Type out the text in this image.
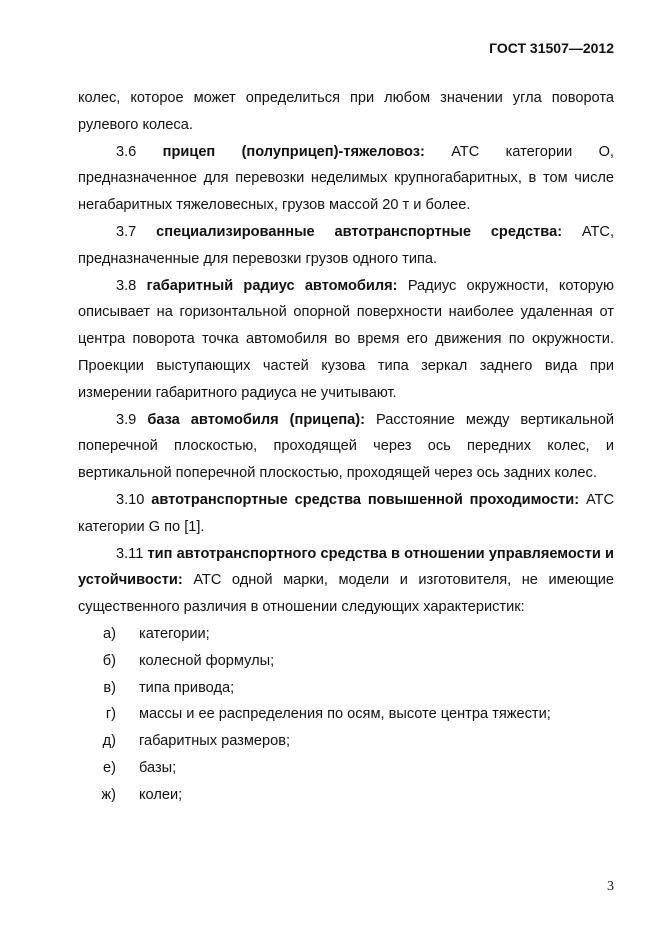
ГОСТ 31507—2012

колес, которое может определиться при любом значении угла поворота рулевого колеса.

3.6 прицеп (полуприцеп)-тяжеловоз: АТС категории О, предназначенное для перевозки неделимых крупногабаритных, в том числе негабаритных тяжеловесных, грузов массой 20 т и более.

3.7 специализированные автотранспортные средства: АТС, предназначенные для перевозки грузов одного типа.

3.8 габаритный радиус автомобиля: Радиус окружности, которую описывает на горизонтальной опорной поверхности наиболее удаленная от центра поворота точка автомобиля во время его движения по окружности. Проекции выступающих частей кузова типа зеркал заднего вида при измерении габаритного радиуса не учитывают.

3.9 база автомобиля (прицепа): Расстояние между вертикальной поперечной плоскостью, проходящей через ось передних колес, и вертикальной поперечной плоскостью, проходящей через ось задних колес.

3.10 автотранспортные средства повышенной проходимости: АТС категории G по [1].

3.11 тип автотранспортного средства в отношении управляемости и устойчивости: АТС одной марки, модели и изготовителя, не имеющие существенного различия в отношении следующих характеристик:

а) категории;
б) колесной формулы;
в) типа привода;
г) массы и ее распределения по осям, высоте центра тяжести;
д) габаритных размеров;
е) базы;
ж) колеи;
3
